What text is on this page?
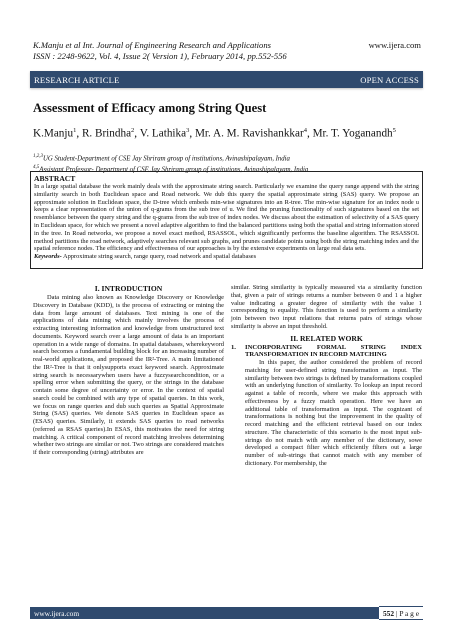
K.Manju et al Int. Journal of Engineering Research and Applications	www.ijera.com
ISSN : 2248-9622, Vol. 4, Issue 2( Version 1), February 2014, pp.552-556
RESEARCH ARTICLE	OPEN ACCESS
Assessment of Efficacy among String Quest
K.Manju$^1$, R. Brindha$^2$, V. Lathika$^3$, Mr. A. M. Ravishankkar$^4$, Mr. T. Yoganandh$^5$
$^{1,2,3}$UG Student-Department of CSE Jay Shriram group of institutions, Avinashipalayam, India
$^{4,5}$Assistant Professor- Department of CSE Jay Shriram group of institutions, Avinashipalayam, India
ABSTRACT
In a large spatial database the work mainly deals with the approximate string search. Particularly we examine the query range append with the string similarity search in both Euclidean space and Road network. We dub this query the spatial approximate string (SAS) query. We propose an approximate solution in Euclidean space, the D-tree which embeds min-wise signatures into an R-tree. The min-wise signature for an index node u keeps a clear representation of the union of q-grams from the sub tree of u. We find the pruning functionality of such signatures based on the set resemblance between the query string and the q-grams from the sub tree of index nodes. We discuss about the estimation of selectivity of a SAS query in Euclidean space, for which we present a novel adaptive algorithm to find the balanced partitions using both the spatial and string information stored in the tree. In Road networks, we propose a novel exact method, RSASSOL, which significantly performs the baseline algorithm. The RSASSOL method partitions the road network, adaptively searches relevant sub graphs, and prunes candidate points using both the string matching index and the spatial reference nodes. The efficiency and effectiveness of our approaches is by the extensive experiments on large real data sets.
Keywords- Approximate string search, range query, road network and spatial databases
I. INTRODUCTION
Data mining also known as Knowledge Discovery or Knowledge Discovery in Database (KDD), is the process of extracting or mining the data from large amount of databases. Text mining is one of the applications of data mining which mainly involves the process of extracting interesting information and knowledge from unstructured text documents. Keyword search over a large amount of data is an important operation in a wide range of domains. In spatial databases, wherekeyword search becomes a fundamental building block for an increasing number of real-world applications, and proposed the IR²-Tree. A main limitationof the IR²-Tree is that it onlysupports exact keyword search. Approximate string search is necessarywhen users have a fuzzysearchcondition, or a spelling error when submitting the query, or the strings in the database contain some degree of uncertainty or error. In the context of spatial search could be combined with any type of spatial queries. In this work, we focus on range queries and dub such queries as Spatial Approximate String (SAS) queries. We denote SAS queries in Euclidean space as (ESAS) queries. Similarly, it extends SAS queries to road networks (referred as RSAS queries).In ESAS, this motivates the need for string matching. A critical component of record matching involves determining whether two strings are similar or not. Two strings are considered matches if their corresponding (string) attributes are
similar. String similarity is typically measured via a similarity function that, given a pair of strings returns a number between 0 and 1 a higher value indicating a greater degree of similarity with the value 1 corresponding to equality. This function is used to perform a similarity join between two input relations that returns pairs of strings whose similarity is above an input threshold.
II. RELATED WORK
1.	INCORPORATING FORMAL STRING INDEX TRANSFORMATION IN RECORD MATCHING
In this paper, the author considered the problem of record matching for user-defined string transformation as input. The similarity between two strings is defined by transformations coupled with an underlying function of similarity. To lookup an input record against a table of records, where we make this approach with effectiveness by a fuzzy match operation. Here we have an additional table of transformation as input. The cognizant of transformations is nothing but the improvement in the quality of record matching and the efficient retrieval based on our index structure. The characteristic of this scenario is the most input sub-strings do not match with any member of the dictionary, sowe developed a compact filter which efficiently filters out a large number of sub-strings that cannot match with any member of dictionary. For membership, the
www.ijera.com	552 | P a g e
